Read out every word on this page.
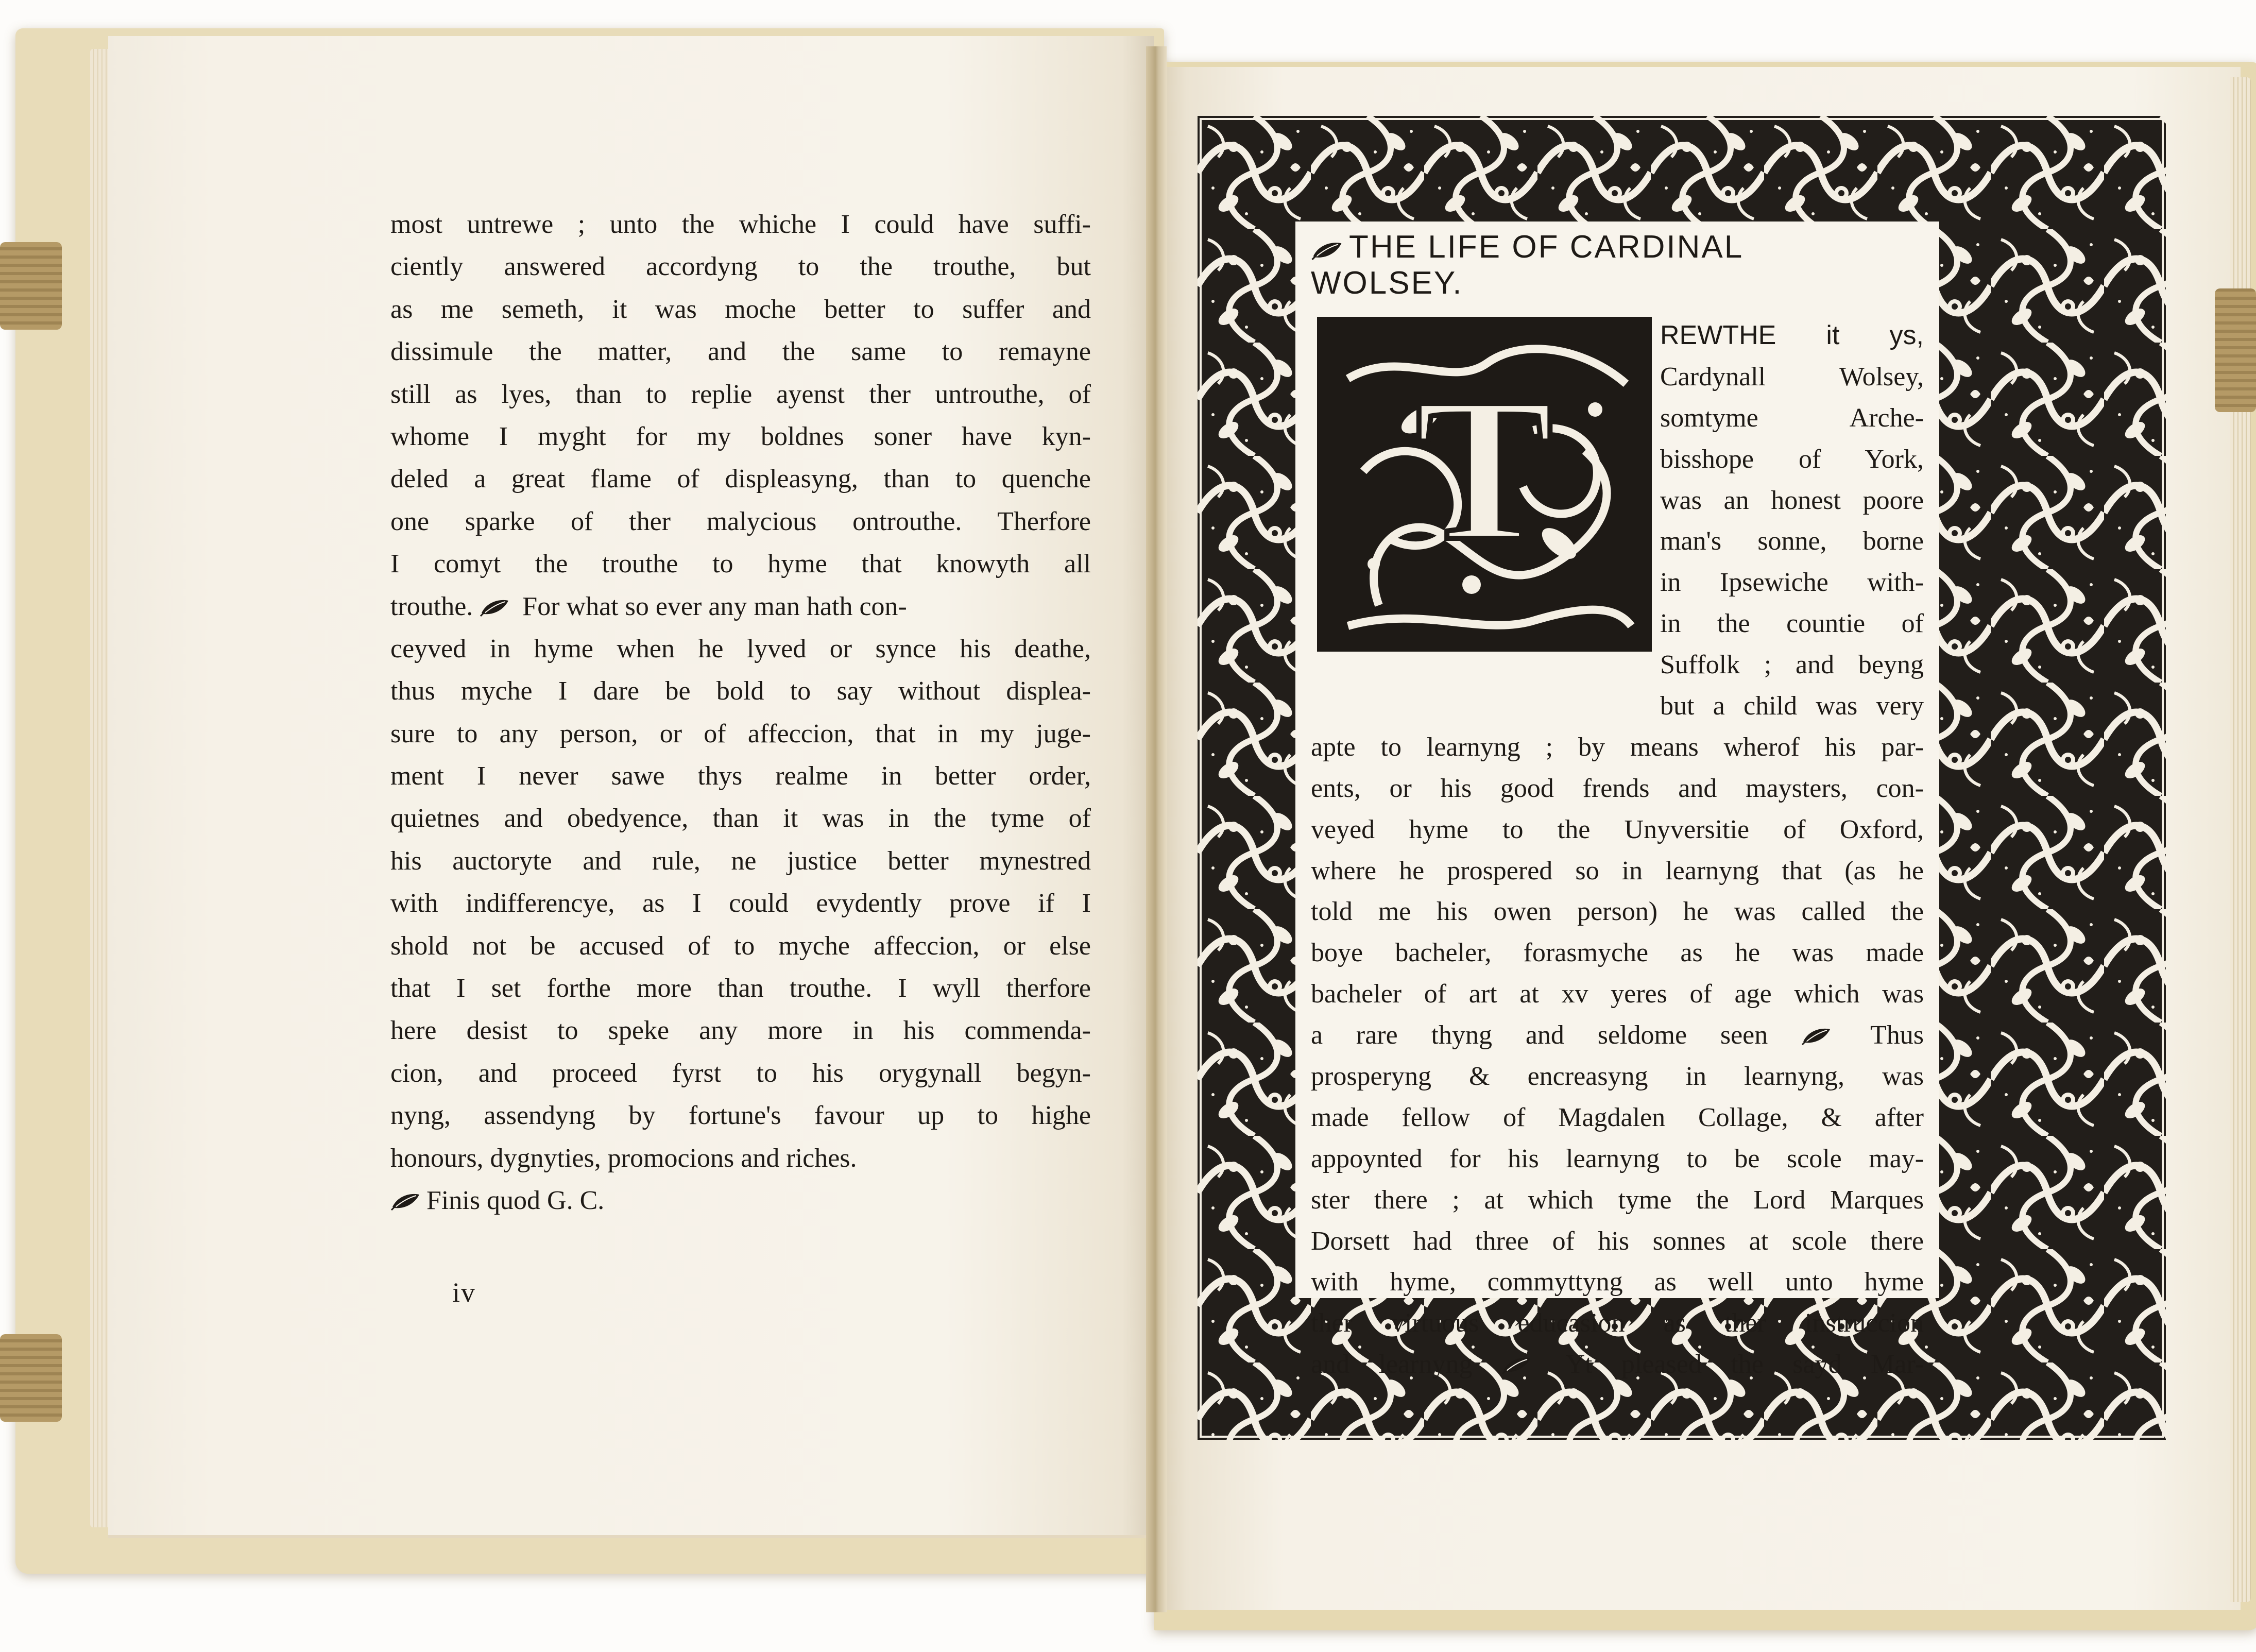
most untrewe ; unto the whiche I could have suffi-
ciently answered accordyng to the trouthe, but
as me semeth, it was moche better to suffer and
dissimule the matter, and the same to remayne
still as lyes, than to replie ayenst ther untrouthe, of
whome I myght for my boldnes soner have kyn-
deled a great flame of displeasyng, than to quenche
one sparke of ther malycious ontrouthe. Therfore
I comyt the trouthe to hyme that knowyth all
trouthe. For what so ever any man hath con-
ceyved in hyme when he lyved or synce his deathe,
thus myche I dare be bold to say without displea-
sure to any person, or of affeccion, that in my juge-
ment I never sawe thys realme in better order,
quietnes and obedyence, than it was in the tyme of
his auctoryte and rule, ne justice better mynestred
with indifferencye, as I could evydently prove if I
shold not be accused of to myche affeccion, or else
that I set forthe more than trouthe. I wyll therfore
here desist to speke any more in his commenda-
cion, and proceed fyrst to his orygynall begyn-
nyng, assendyng by fortune's favour up to highe
honours, dygnyties, promocions and riches.
Finis quod G. C.
iv
THE LIFE OF CARDINAL
WOLSEY.
T
REWTHE it ys,
Cardynall Wolsey,
somtyme Arche-
bisshope of York,
was an honest poore
man's sonne, borne
in Ipsewiche with-
in the countie of
Suffolk ; and beyng
but a child was very
apte to learnyng ; by means wherof his par-
ents, or his good frends and maysters, con-
veyed hyme to the Unyversitie of Oxford,
where he prospered so in learnyng that (as he
told me his owen person) he was called the
boye bacheler, forasmyche as he was made
bacheler of art at xv yeres of age which was
a rare thyng and seldome seen	Thus
prosperyng & encreasyng in learnyng, was
made fellow of Magdalen Collage, & after
appoynted for his learnyng to be scole may-
ster there ; at which tyme the Lord Marques
Dorsett had three of his sonnes at scole there
with hyme, commyttyng as well unto hyme
ther virtuous educasion as ther instruccion
and learnyng	Yt pleased the sayd Mar-
